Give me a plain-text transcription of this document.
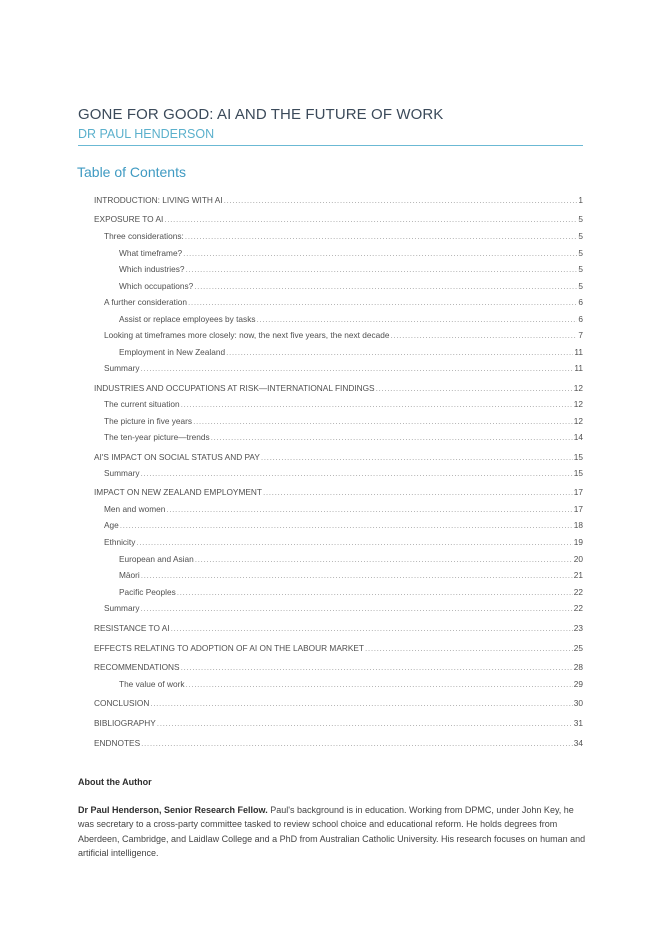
GONE FOR GOOD: AI AND THE FUTURE OF WORK
DR PAUL HENDERSON
Table of Contents
INTRODUCTION: LIVING WITH AI .....	1
EXPOSURE TO AI .....	5
Three considerations: .....	5
What timeframe? .....	5
Which industries? .....	5
Which occupations? .....	5
A further consideration .....	6
Assist or replace employees by tasks .....	6
Looking at timeframes more closely: now, the next five years, the next decade .....	7
Employment in New Zealand .....	11
Summary .....	11
INDUSTRIES AND OCCUPATIONS AT RISK—INTERNATIONAL FINDINGS .....	12
The current situation .....	12
The picture in five years .....	12
The ten-year picture—trends .....	14
AI'S IMPACT ON SOCIAL STATUS AND PAY .....	15
Summary .....	15
IMPACT ON NEW ZEALAND EMPLOYMENT .....	17
Men and women .....	17
Age .....	18
Ethnicity .....	19
European and Asian .....	20
Māori .....	21
Pacific Peoples .....	22
Summary .....	22
RESISTANCE TO AI .....	23
EFFECTS RELATING TO ADOPTION OF AI ON THE LABOUR MARKET .....	25
RECOMMENDATIONS .....	28
The value of work .....	29
CONCLUSION .....	30
BIBLIOGRAPHY .....	31
ENDNOTES .....	34
About the Author
Dr Paul Henderson, Senior Research Fellow. Paul's background is in education. Working from DPMC, under John Key, he was secretary to a cross-party committee tasked to review school choice and educational reform. He holds degrees from Aberdeen, Cambridge, and Laidlaw College and a PhD from Australian Catholic University. His research focuses on human and artificial intelligence.
